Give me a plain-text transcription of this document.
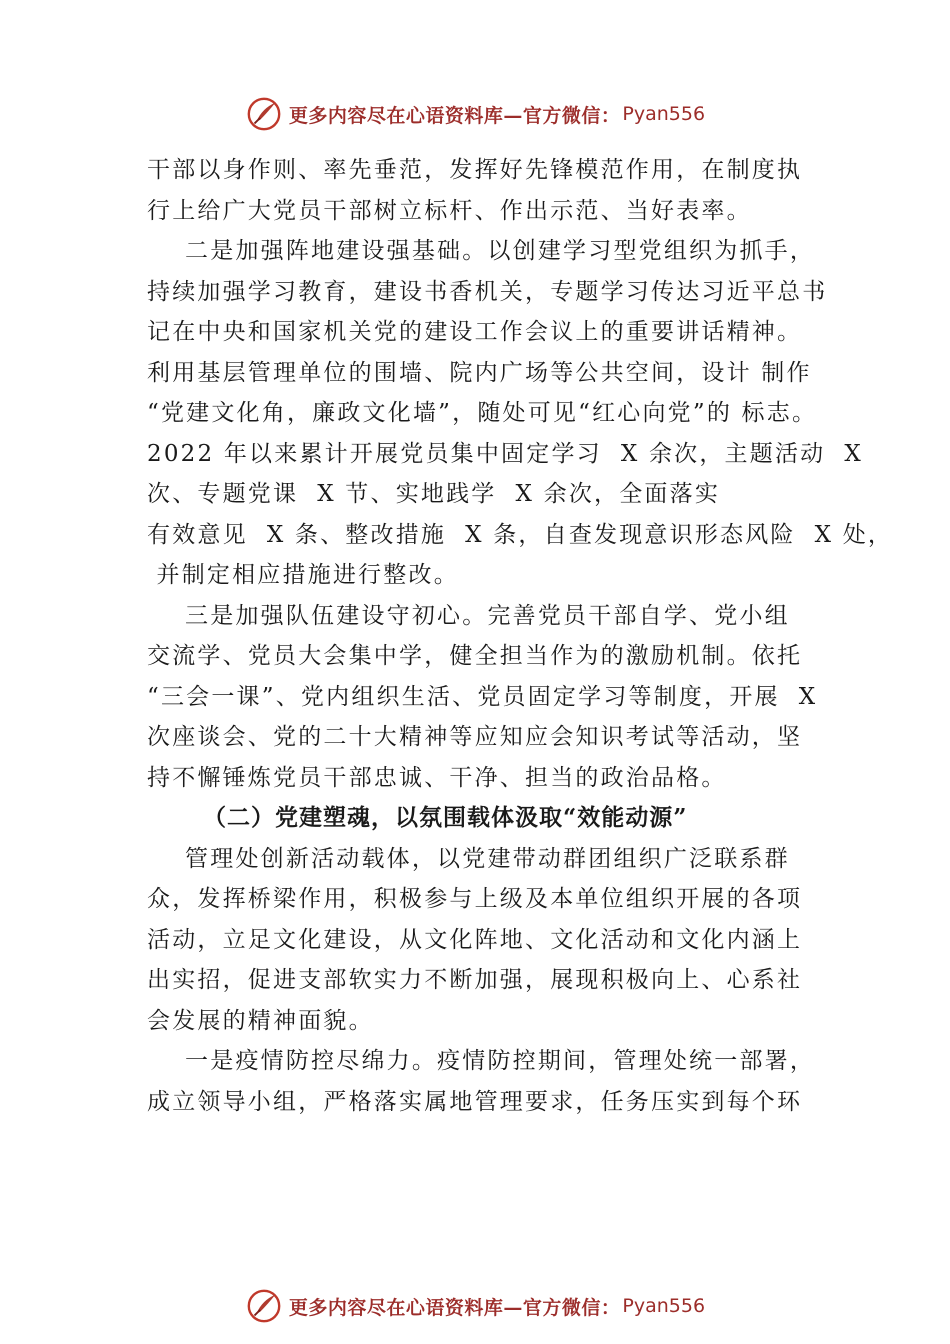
更多内容尽在心语资料库—官方微信： Pyan556
干部以身作则、率先垂范，发挥好先锋模范作用，在制度执
行上给广大党员干部树立标杆、作出示范、当好表率。
二是加强阵地建设强基础。以创建学习型党组织为抓手，
持续加强学习教育，建设书香机关，专题学习传达习近平总书
记在中央和国家机关党的建设工作会议上的重要讲话精神。
利用基层管理单位的围墙、院内广场等公共空间，设计 制作
“党建文化角，廉政文化墙”，随处可见“红心向党”的 标志。
2022 年以来累计开展党员集中固定学习  X 余次，主题活动  X
次、专题党课  X 节、实地践学  X 余次，全面落实
有效意见  X 条、整改措施  X 条，自查发现意识形态风险  X 处，
并制定相应措施进行整改。
三是加强队伍建设守初心。完善党员干部自学、党小组
交流学、党员大会集中学，健全担当作为的激励机制。依托
“三会一课”、党内组织生活、党员固定学习等制度，开展  X
次座谈会、党的二十大精神等应知应会知识考试等活动，坚
持不懈锤炼党员干部忠诚、干净、担当的政治品格。
（二）党建塑魂，以氛围载体汲取“效能动源”
管理处创新活动载体，以党建带动群团组织广泛联系群
众，发挥桥梁作用，积极参与上级及本单位组织开展的各项
活动，立足文化建设，从文化阵地、文化活动和文化内涵上
出实招，促进支部软实力不断加强，展现积极向上、心系社
会发展的精神面貌。
一是疫情防控尽绵力。疫情防控期间，管理处统一部署，
成立领导小组，严格落实属地管理要求，任务压实到每个环
更多内容尽在心语资料库—官方微信： Pyan556
